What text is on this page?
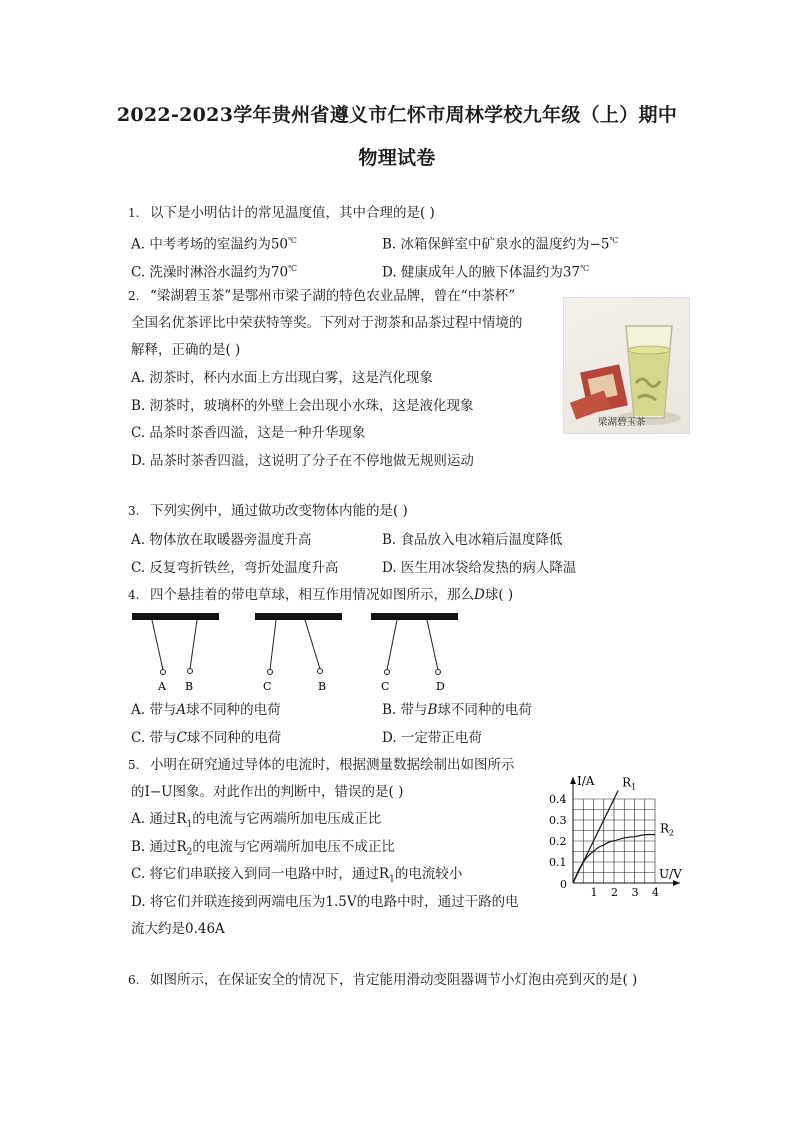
2022-2023学年贵州省遵义市仁怀市周林学校九年级（上）期中
物理试卷
1. 以下是小明估计的常见温度值，其中合理的是( )
A. 中考考场的室温约为50℃	B. 冰箱保鲜室中矿泉水的温度约为−5℃
C. 洗澡时淋浴水温约为70℃	D. 健康成年人的腋下体温约为37℃
2. “梁湖碧玉茶”是鄂州市梁子湖的特色农业品牌，曾在“中茶杯”
全国名优茶评比中荣获特等奖。下列对于沏茶和品茶过程中情境的
解释，正确的是( )
A. 沏茶时，杯内水面上方出现白雾，这是汽化现象
B. 沏茶时，玻璃杯的外壁上会出现小水珠，这是液化现象
C. 品茶时茶香四溢，这是一种升华现象
D. 品茶时茶香四溢，这说明了分子在不停地做无规则运动
梁湖碧玉茶
3. 下列实例中，通过做功改变物体内能的是( )
A. 物体放在取暖器旁温度升高	B. 食品放入电冰箱后温度降低
C. 反复弯折铁丝，弯折处温度升高	D. 医生用冰袋给发热的病人降温
4. 四个悬挂着的带电草球，相互作用情况如图所示，那么D球( )
A B	C	B	C	D
A. 带与A球不同种的电荷	B. 带与B球不同种的电荷
C. 带与C球不同种的电荷	D. 一定带正电荷
5. 小明在研究通过导体的电流时，根据测量数据绘制出如图所示
的I−U图象。对此作出的判断中，错误的是( )
A. 通过$R_1$的电流与它两端所加电压成正比
B. 通过$R_2$的电流与它两端所加电压不成正比
C. 将它们串联接入到同一电路中时，通过$R_1$的电流较小
D. 将它们并联连接到两端电压为1.5V的电路中时，通过干路的电
流大约是0.46A
1 2 3 4
0.1
0.2
0.3
0.4
0
I/A
U/V
$R_1$
$R_2$
6. 如图所示，在保证安全的情况下，肯定能用滑动变阻器调节小灯泡由亮到灭的是( )
